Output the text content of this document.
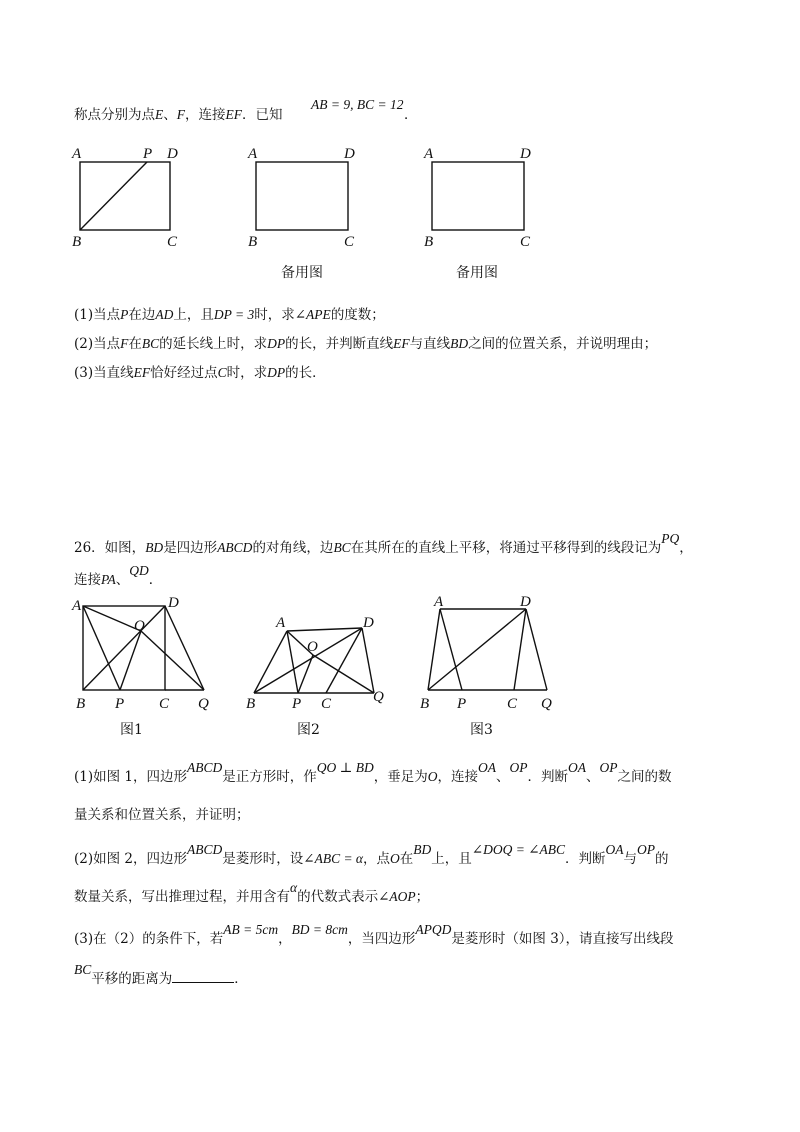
称点分别为点E、F，连接EF．已知
AB = 9, BC = 12
．
A	P D
B	C
A	D
B	C
A	D
B	C
A	D
O
B P C Q
A	D
O
B P C	Q
A	D
B P	C Q
备用图	备用图
(1)当点P在边AD上，且DP = 3时，求∠APE的度数；
(2)当点F在BC的延长线上时，求DP的长，并判断直线EF与直线BD之间的位置关系，并说明理由；
(3)当直线EF恰好经过点C时，求DP的长．
26．如图，BD是四边形ABCD的对角线，边BC在其所在的直线上平移，将通过平移得到的线段记为PQ，
连接PA、QD．
图1	图2	图3
(1)如图 1，四边形ABCD是正方形时，作QO ⊥ BD，垂足为O，连接OA、OP．判断OA、OP之间的数
量关系和位置关系，并证明；
(2)如图 2，四边形ABCD是菱形时，设∠ABC = α，点O在BD上，且∠DOQ = ∠ABC．判断OA与OP的
数量关系，写出推理过程，并用含有α的代数式表示∠AOP；
(3)在（2）的条件下，若AB = 5cm，BD = 8cm，当四边形APQD是菱形时（如图 3），请直接写出线段
BC平移的距离为	．
